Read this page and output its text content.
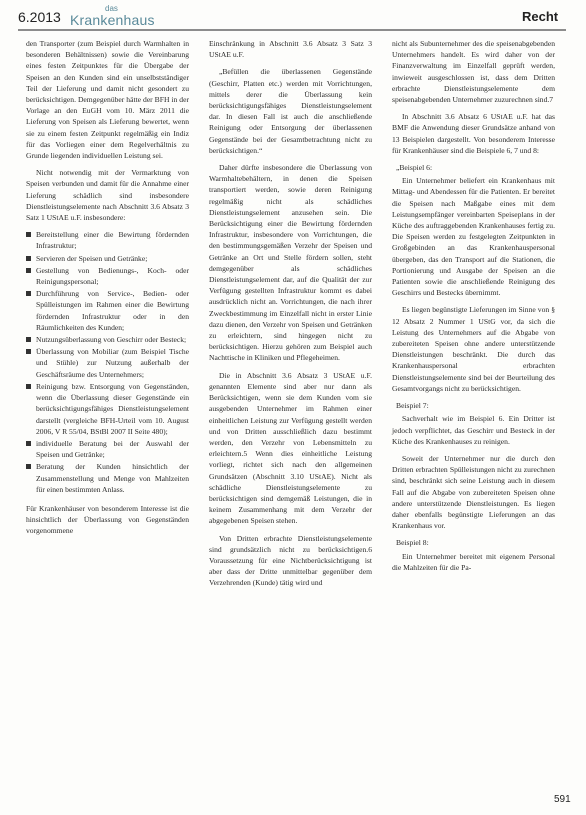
6.2013
das
Krankenhaus	Recht

den Transporter (zum Beispiel durch Warmhalten in besonderen Behältnissen) sowie die Vereinbarung eines festen Zeitpunktes für die Übergabe der Speisen an den Kunden sind ein unselbstständiger Teil der Lieferung und damit nicht gesondert zu berücksichtigen. Demgegenüber hätte der BFH in der Vorlage an den EuGH vom 10. März 2011 die Lieferung von Speisen als Lieferung bewertet, wenn sie zu einem festen Zeitpunkt regelmäßig ein Indiz für das Vorliegen einer dem Regelverhältnis zu Grunde liegenden individuellen Leistung sei.

Nicht notwendig mit der Vermarktung von Speisen verbunden und damit für die Annahme einer Lieferung schädlich sind insbesondere Dienstleistungselemente nach Abschnitt 3.6 Absatz 3 Satz 1 UStAE u.F. insbesondere:

Bereitstellung einer die Bewirtung fördernden Infrastruktur;
Servieren der Speisen und Getränke;
Gestellung von Bedienungs-, Koch- oder Reinigungspersonal;
Durchführung von Service-, Bedien- oder Spülleistungen im Rahmen einer die Bewirtung fördernden Infrastruktur oder in den Räumlichkeiten des Kunden;
Nutzungsüberlassung von Geschirr oder Besteck;
Überlassung von Mobiliar (zum Beispiel Tische und Stühle) zur Nutzung außerhalb der Geschäftsräume des Unternehmers;
Reinigung bzw. Entsorgung von Gegenständen, wenn die Überlassung dieser Gegenstände ein berücksichtigungsfähiges Dienstleistungselement darstellt (vergleiche BFH-Urteil vom 10. August 2006, V R 55/04, BStBl 2007 II Seite 480);
individuelle Beratung bei der Auswahl der Speisen und Getränke;
Beratung der Kunden hinsichtlich der Zusammenstellung und Menge von Mahlzeiten für einen bestimmten Anlass.

Für Krankenhäuser von besonderem Interesse ist die hinsichtlich der Überlassung von Gegenständen vorgenommene

Einschränkung in Abschnitt 3.6 Absatz 3 Satz 3 UStAE u.F.

„Befüllen die überlassenen Gegenstände (Geschirr, Platten etc.) werden mit Vorrichtungen, mittels derer die Überlassung kein berücksichtigungsfähiges Dienstleistungselement dar. In diesen Fall ist auch die anschließende Reinigung oder Entsorgung der überlassenen Gegenstände bei der Gesamtbetrachtung nicht zu berücksichtigen.“

Daher dürfte insbesondere die Überlassung von Warmhaltebehältern, in denen die Speisen transportiert werden, sowie deren Reinigung regelmäßig nicht als schädliches Dienstleistungselement anzusehen sein. Die Berücksichtigung einer die Bewirtung fördernden Infrastruktur, insbesondere von Vorrichtungen, die den bestimmungsgemäßen Verzehr der Speisen und Getränke an Ort und Stelle fördern sollen, steht demgegenüber als schädliches Dienstleistungselement dar, auf die Qualität der zur Verfügung gestellten Infrastruktur kommt es dabei ausdrücklich nicht an. Vorrichtungen, die nach ihrer Zweckbestimmung im Einzelfall nicht in erster Linie dazu dienen, den Verzehr von Speisen und Getränken zu erleichtern, sind hingegen nicht zu berücksichtigen. Hierzu gehören zum Beispiel auch Nachttische in Kliniken und Pflegeheimen.

Die in Abschnitt 3.6 Absatz 3 UStAE u.F. genannten Elemente sind aber nur dann als Berücksichtigen, wenn sie dem Kunden vom sie ausgebenden Unternehmer im Rahmen einer einheitlichen Leistung zur Verfügung gestellt werden und von Dritten ausschließlich dazu bestimmt werden, den Verzehr von Lebensmitteln zu erleichtern.5 Wenn dies einheitliche Leistung vorliegt, richtet sich nach den allgemeinen Grundsätzen (Abschnitt 3.10 UStAE). Nicht als schädliche Dienstleistungselemente zu berücksichtigen sind demgemäß Leistungen, die in keinem Zusammenhang mit dem Verzehr der abgegebenen Speisen stehen.

Von Dritten erbrachte Dienstleistungselemente sind grundsätzlich nicht zu berücksichtigen.6 Voraussetzung für eine Nichtberücksichtigung ist aber dass der Dritte unmittelbar gegenüber dem Verzehrenden (Kunde) tätig wird und

nicht als Subunternehmer des die speisenabgebenden Unternehmers handelt. Es wird daher von der Finanzverwaltung im Einzelfall geprüft werden, inwieweit ausgeschlossen ist, dass dem Dritten erbrachte Dienstleistungselemente dem speisenabgebenden Unternehmer zuzurechnen sind.7

In Abschnitt 3.6 Absatz 6 UStAE u.F. hat das BMF die Anwendung dieser Grundsätze anhand von 13 Beispielen dargestellt. Von besonderem Interesse für Krankenhäuser sind die Beispiele 6, 7 und 8:

„Beispiel 6:

Ein Unternehmer beliefert ein Krankenhaus mit Mittag- und Abendessen für die Patienten. Er bereitet die Speisen nach Maßgabe eines mit dem Leistungsempfänger vereinbarten Speiseplans in der Küche des auftraggebenden Krankenhauses fertig zu. Die Speisen werden zu festgelegten Zeitpunkten in Großgebinden an das Krankenhauspersonal übergeben, das den Transport auf die Stationen, die Portionierung und Ausgabe der Speisen an die Patienten sowie die anschließende Reinigung des Geschirrs und Bestecks übernimmt.

Es liegen begünstigte Lieferungen im Sinne von § 12 Absatz 2 Nummer 1 UStG vor, da sich die Leistung des Unternehmers auf die Abgabe von zubereiteten Speisen ohne andere unterstützende Dienstleistungen beschränkt. Die durch das Krankenhauspersonal erbrachten Dienstleistungselemente sind bei der Beurteilung des Gesamtvorgangs nicht zu berücksichtigen.

Beispiel 7:

Sachverhalt wie im Beispiel 6. Ein Dritter ist jedoch verpflichtet, das Geschirr und Besteck in der Küche des Krankenhauses zu reinigen.

Soweit der Unternehmer nur die durch den Dritten erbrachten Spülleistungen nicht zu zurechnen sind, beschränkt sich seine Leistung auch in diesem Fall auf die Abgabe von zubereiteten Speisen ohne andere unterstützende Dienstleistungen. Es liegen daher ebenfalls begünstigte Lieferungen an das Krankenhaus vor.

Beispiel 8:

Ein Unternehmer bereitet mit eigenem Personal die Mahlzeiten für die Pa-

591
